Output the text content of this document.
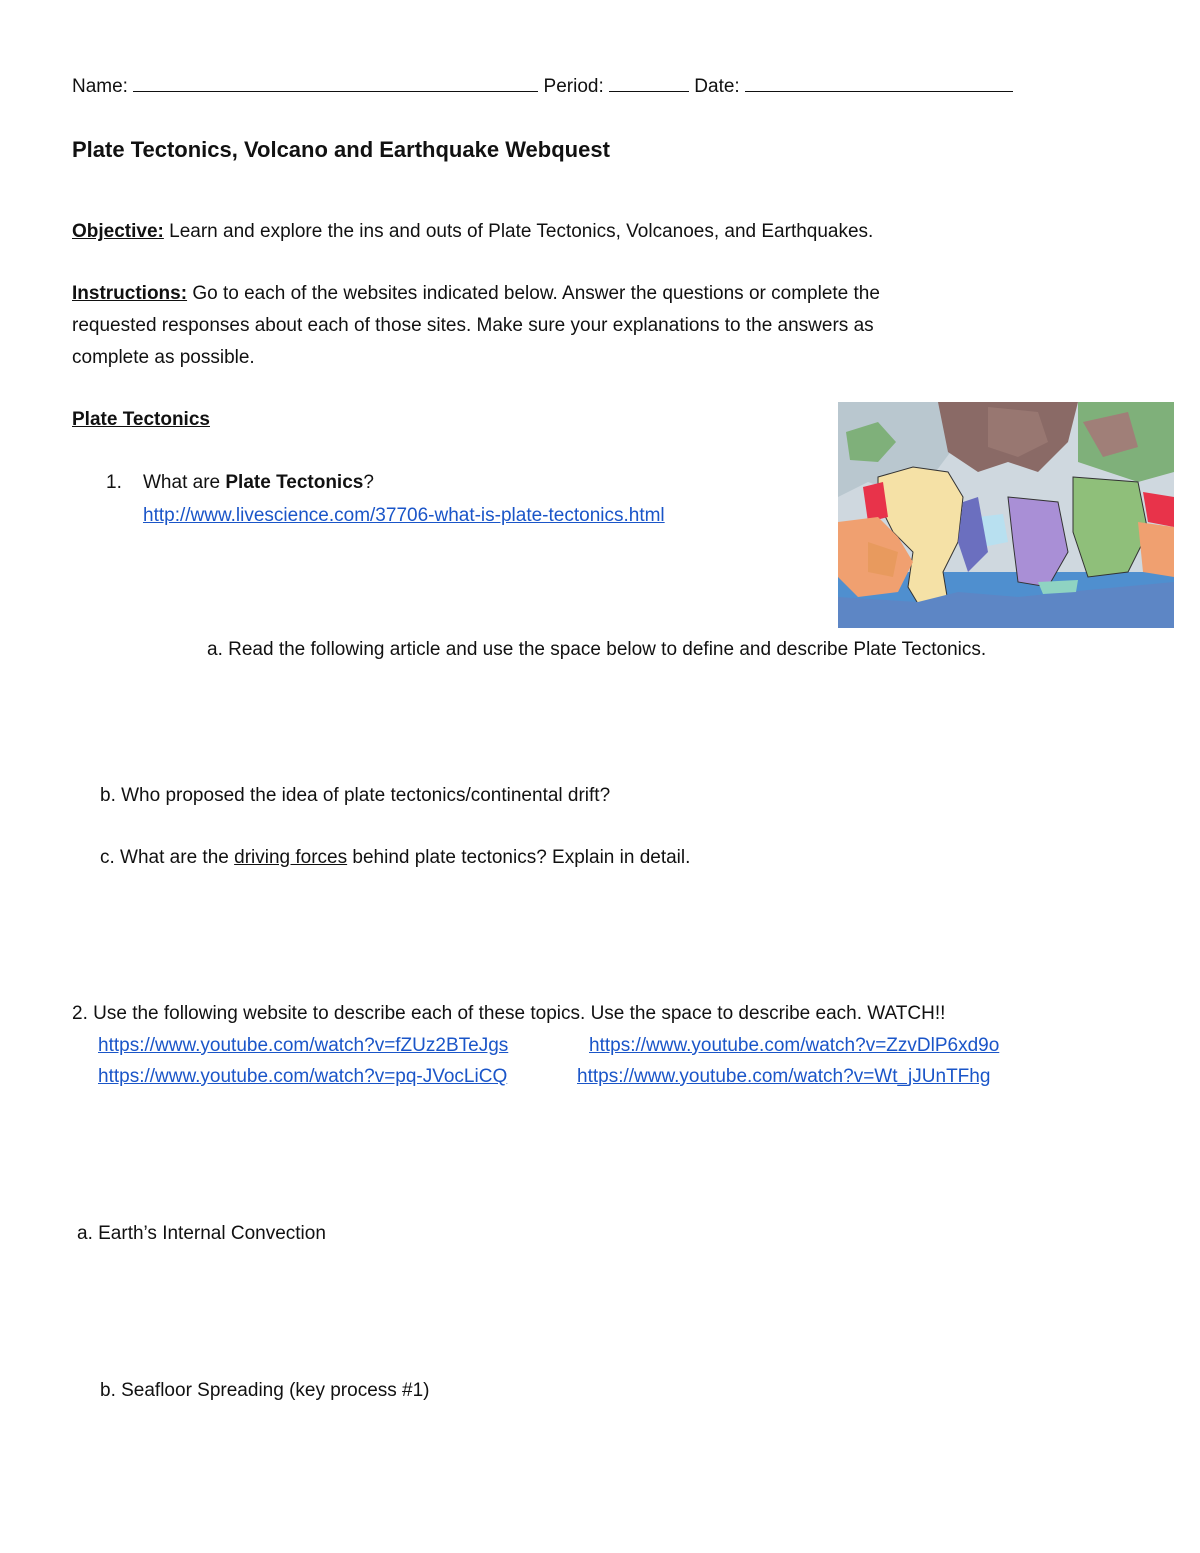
Name:	Period:	Date:
Plate Tectonics, Volcano and Earthquake Webquest
Objective: Learn and explore the ins and outs of Plate Tectonics, Volcanoes, and Earthquakes.
Instructions: Go to each of the websites indicated below. Answer the questions or complete the
requested responses about each of those sites. Make sure your explanations to the answers as
complete as possible.
Plate Tectonics
1. What are Plate Tectonics?
http://www.livescience.com/37706-what-is-plate-tectonics.html
a. Read the following article and use the space below to define and describe Plate Tectonics.
b. Who proposed the idea of plate tectonics/continental drift?
c. What are the driving forces behind plate tectonics? Explain in detail.
2. Use the following website to describe each of these topics. Use the space to describe each. WATCH!!
https://www.youtube.com/watch?v=fZUz2BTeJgs	https://www.youtube.com/watch?v=ZzvDlP6xd9o
https://www.youtube.com/watch?v=pq-JVocLiCQ	https://www.youtube.com/watch?v=Wt_jJUnTFhg
a. Earth’s Internal Convection
b. Seafloor Spreading (key process #1)
